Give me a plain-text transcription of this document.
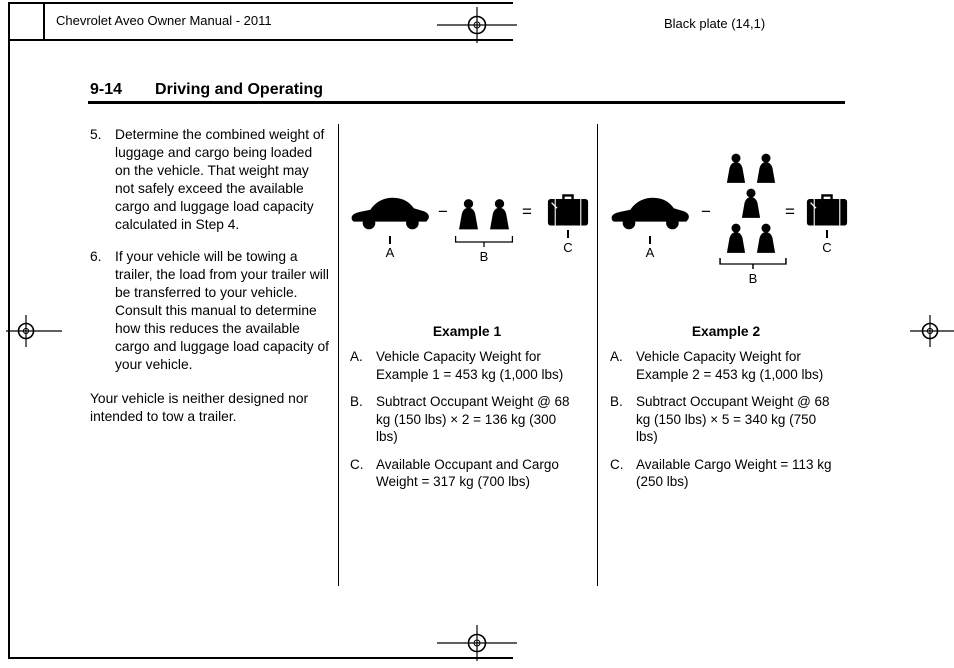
Chevrolet Aveo Owner Manual - 2011	Black plate (14,1)
9-14 Driving and Operating
5. Determine the combined weight of luggage and cargo being loaded on the vehicle. That weight may not safely exceed the available cargo and luggage load capacity calculated in Step 4.
6. If your vehicle will be towing a trailer, the load from your trailer will be transferred to your vehicle. Consult this manual to determine how this reduces the available cargo and luggage load capacity of your vehicle.
Your vehicle is neither designed nor intended to tow a trailer.
A
−
B
=
C
Example 1
A. Vehicle Capacity Weight for Example 1 = 453 kg (1,000 lbs)
B. Subtract Occupant Weight @ 68 kg (150 lbs) × 2 = 136 kg (300 lbs)
C. Available Occupant and Cargo Weight = 317 kg (700 lbs)
A
−
B
=
C
Example 2
A. Vehicle Capacity Weight for Example 2 = 453 kg (1,000 lbs)
B. Subtract Occupant Weight @ 68 kg (150 lbs) × 5 = 340 kg (750 lbs)
C. Available Cargo Weight = 113 kg (250 lbs)
